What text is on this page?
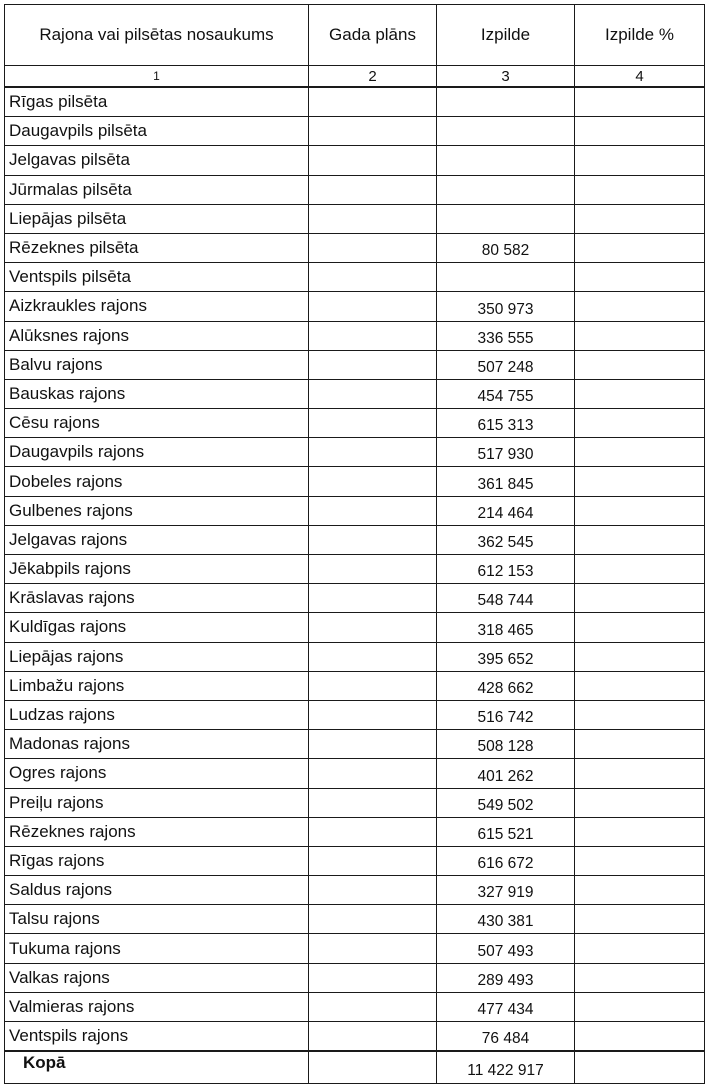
Rajona vai pilsētas nosaukums	Gada plāns	Izpilde	Izpilde %
1	2	3	4
Rīgas pilsēta			
Daugavpils pilsēta			
Jelgavas pilsēta			
Jūrmalas pilsēta			
Liepājas pilsēta			
Rēzeknes pilsēta		80 582	
Ventspils pilsēta			
Aizkraukles rajons		350 973	
Alūksnes rajons		336 555	
Balvu rajons		507 248	
Bauskas rajons		454 755	
Cēsu rajons		615 313	
Daugavpils rajons		517 930	
Dobeles rajons		361 845	
Gulbenes rajons		214 464	
Jelgavas rajons		362 545	
Jēkabpils rajons		612 153	
Krāslavas rajons		548 744	
Kuldīgas rajons		318 465	
Liepājas rajons		395 652	
Limbažu rajons		428 662	
Ludzas rajons		516 742	
Madonas rajons		508 128	
Ogres rajons		401 262	
Preiļu rajons		549 502	
Rēzeknes rajons		615 521	
Rīgas rajons		616 672	
Saldus rajons		327 919	
Talsu rajons		430 381	
Tukuma rajons		507 493	
Valkas rajons		289 493	
Valmieras rajons		477 434	
Ventspils rajons		76 484	
Kopā		11 422 917	
